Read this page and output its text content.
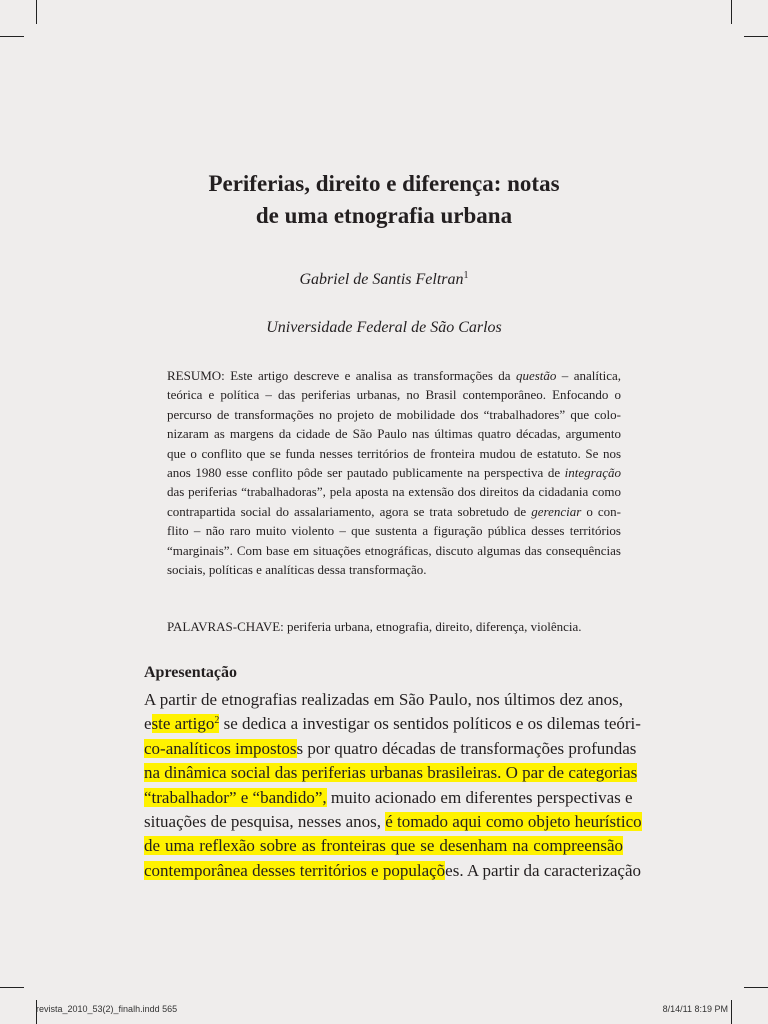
Periferias, direito e diferença: notas
de uma etnografia urbana
Gabriel de Santis Feltran$^1$
Universidade Federal de São Carlos
RESUMO: Este artigo descreve e analisa as transformações da questão – analítica,
teórica e política – das periferias urbanas, no Brasil contemporâneo. Enfocando o
percurso de transformações no projeto de mobilidade dos “trabalhadores” que colo-
nizaram as margens da cidade de São Paulo nas últimas quatro décadas, argumento
que o conflito que se funda nesses territórios de fronteira mudou de estatuto. Se nos
anos 1980 esse conflito pôde ser pautado publicamente na perspectiva de integração
das periferias “trabalhadoras”, pela aposta na extensão dos direitos da cidadania como
contrapartida social do assalariamento, agora se trata sobretudo de gerenciar o con-
flito – não raro muito violento – que sustenta a figuração pública desses territórios
“marginais”. Com base em situações etnográficas, discuto algumas das consequências
sociais, políticas e analíticas dessa transformação.
PALAVRAS-CHAVE: periferia urbana, etnografia, direito, diferença, violência.
Apresentação
A partir de etnografias realizadas em São Paulo, nos últimos dez anos,
este artigo$^2$ se dedica a investigar os sentidos políticos e os dilemas teóri-
co-analíticos impostoss por quatro décadas de transformações profundas
na dinâmica social das periferias urbanas brasileiras. O par de categorias
“trabalhador” e “bandido”, muito acionado em diferentes perspectivas e
situações de pesquisa, nesses anos, é tomado aqui como objeto heurístico
de uma reflexão sobre as fronteiras que se desenham na compreensão
contemporânea desses territórios e populações. A partir da caracterização
revista_2010_53(2)_finalh.indd 565	8/14/11 8:19 PM
